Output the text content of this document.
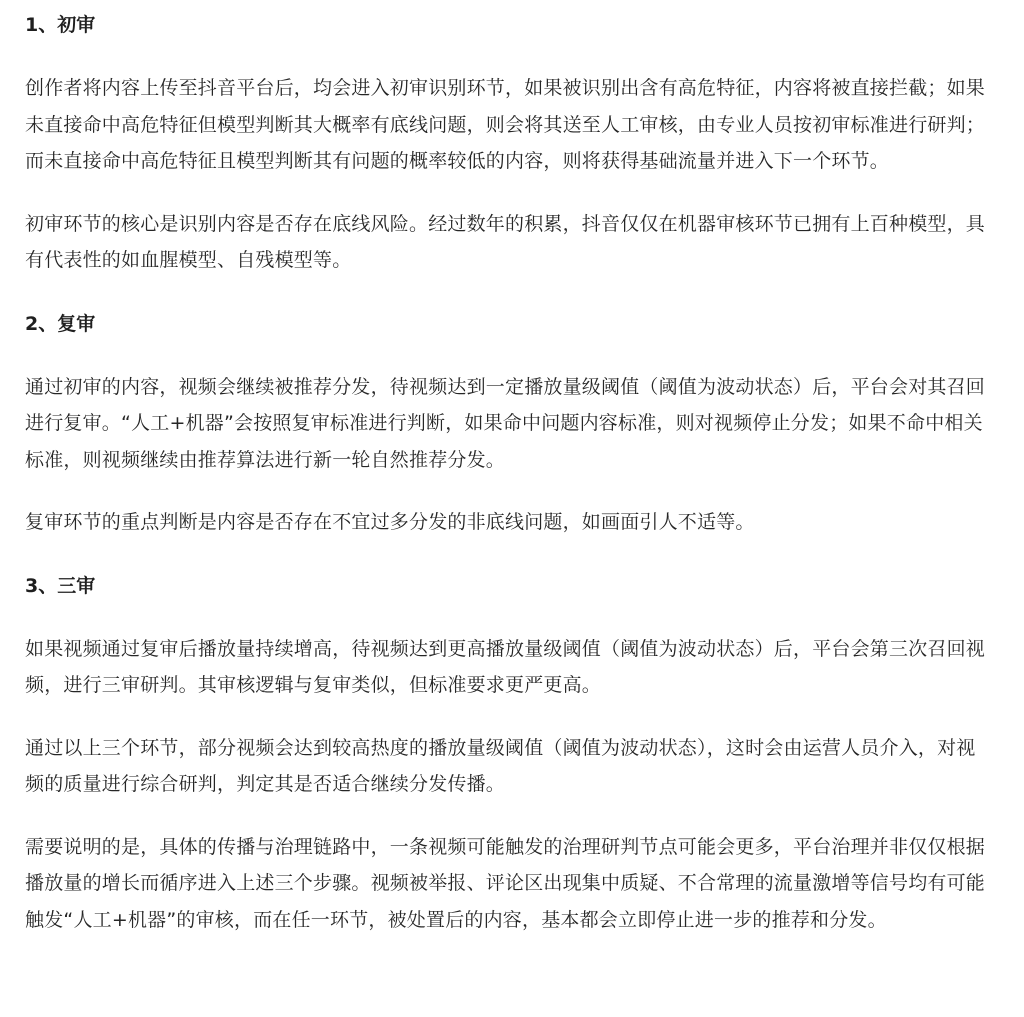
1、初审

创作者将内容上传至抖音平台后，均会进入初审识别环节，如果被识别出含有高危特征，内容将被直接拦截；如果未直接命中高危特征但模型判断其大概率有底线问题，则会将其送至人工审核，由专业人员按初审标准进行研判；而未直接命中高危特征且模型判断其有问题的概率较低的内容，则将获得基础流量并进入下一个环节。

初审环节的核心是识别内容是否存在底线风险。经过数年的积累，抖音仅仅在机器审核环节已拥有上百种模型，具有代表性的如血腥模型、自残模型等。

2、复审

通过初审的内容，视频会继续被推荐分发，待视频达到一定播放量级阈值（阈值为波动状态）后，平台会对其召回进行复审。“人工+机器”会按照复审标准进行判断，如果命中问题内容标准，则对视频停止分发；如果不命中相关标准，则视频继续由推荐算法进行新一轮自然推荐分发。

复审环节的重点判断是内容是否存在不宜过多分发的非底线问题，如画面引人不适等。

3、三审

如果视频通过复审后播放量持续增高，待视频达到更高播放量级阈值（阈值为波动状态）后，平台会第三次召回视频，进行三审研判。其审核逻辑与复审类似，但标准要求更严更高。

通过以上三个环节，部分视频会达到较高热度的播放量级阈值（阈值为波动状态），这时会由运营人员介入，对视频的质量进行综合研判，判定其是否适合继续分发传播。

需要说明的是，具体的传播与治理链路中，一条视频可能触发的治理研判节点可能会更多，平台治理并非仅仅根据播放量的增长而循序进入上述三个步骤。视频被举报、评论区出现集中质疑、不合常理的流量激增等信号均有可能触发“人工+机器”的审核，而在任一环节，被处置后的内容，基本都会立即停止进一步的推荐和分发。
